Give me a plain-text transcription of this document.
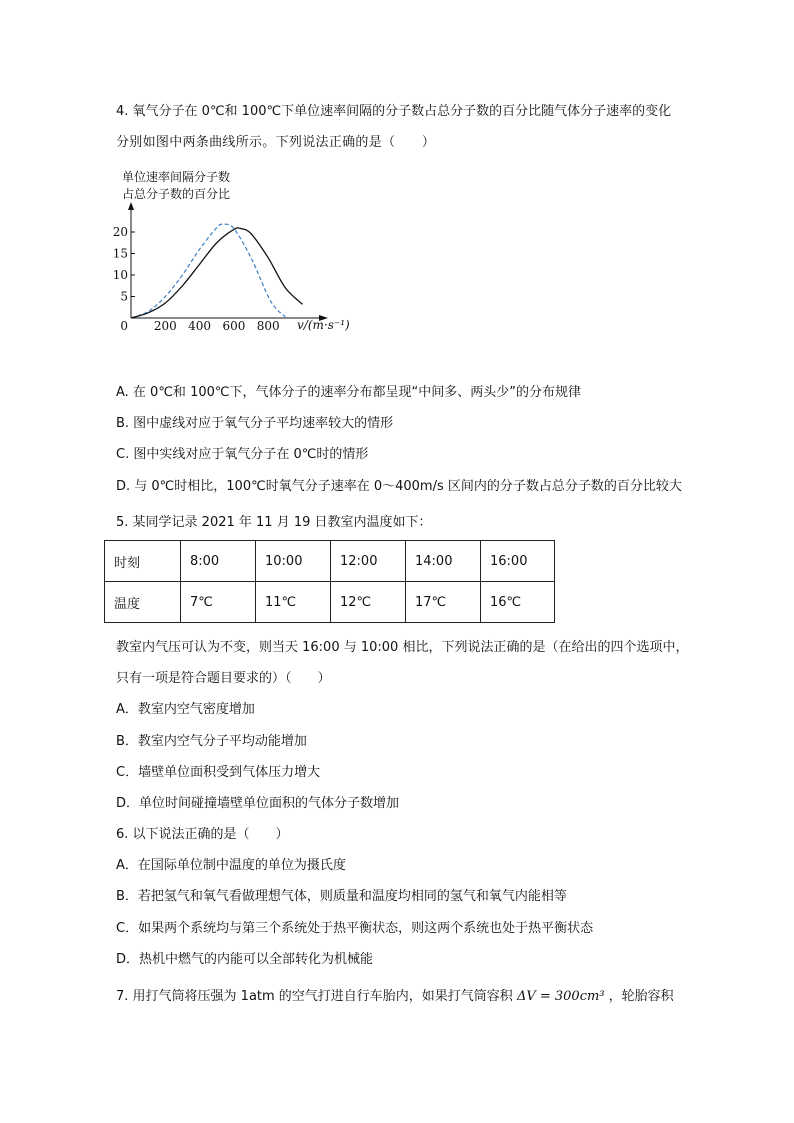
4. 氧气分子在 0℃和 100℃下单位速率间隔的分子数占总分子数的百分比随气体分子速率的变化
分别如图中两条曲线所示。下列说法正确的是（　　）
单位速率间隔分子数
占总分子数的百分比
v/(m·s⁻¹)
5
10
15
20
0 200 400 600 800
A. 在 0℃和 100℃下，气体分子的速率分布都呈现“中间多、两头少”的分布规律
B. 图中虚线对应于氧气分子平均速率较大的情形
C. 图中实线对应于氧气分子在 0℃时的情形
D. 与 0℃时相比，100℃时氧气分子速率在 0～400m/s 区间内的分子数占总分子数的百分比较大
5. 某同学记录 2021 年 11 月 19 日教室内温度如下：
时刻	8:00	10:00	12:00	14:00	16:00
温度	7℃	11℃	12℃	17℃	16℃
教室内气压可认为不变，则当天 16:00 与 10:00 相比，下列说法正确的是（在给出的四个选项中，
只有一项是符合题目要求的）（　　）
A．教室内空气密度增加
B．教室内空气分子平均动能增加
C．墙壁单位面积受到气体压力增大
D．单位时间碰撞墙壁单位面积的气体分子数增加
6. 以下说法正确的是（　　）
A．在国际单位制中温度的单位为摄氏度
B．若把氢气和氧气看做理想气体，则质量和温度均相同的氢气和氧气内能相等
C．如果两个系统均与第三个系统处于热平衡状态，则这两个系统也处于热平衡状态
D．热机中燃气的内能可以全部转化为机械能
7. 用打气筒将压强为 1atm 的空气打进自行车胎内，如果打气筒容积 ΔV = 300cm³ ，轮胎容积
